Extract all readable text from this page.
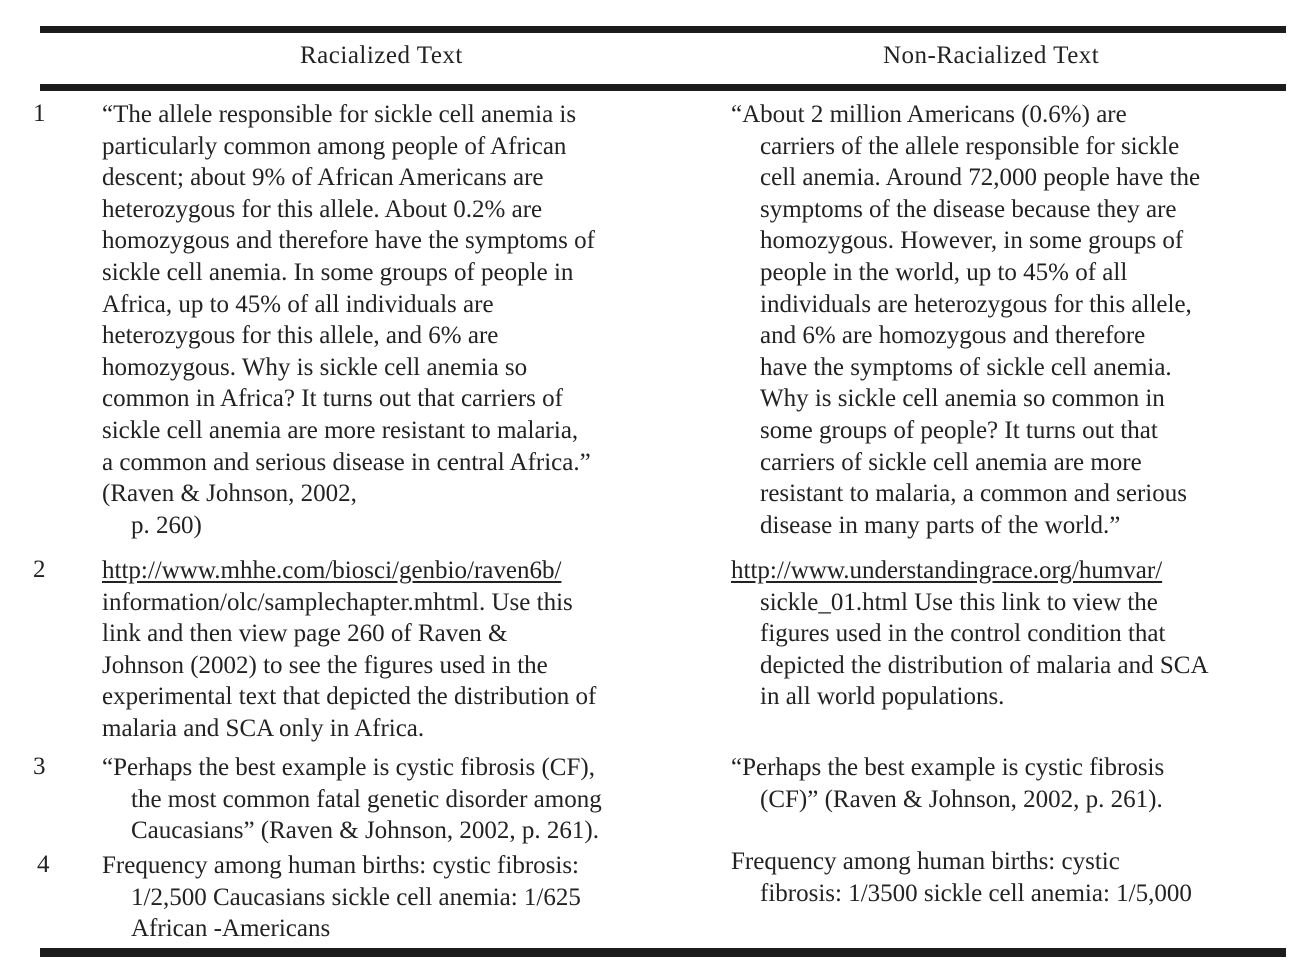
Racialized Text	Non-Racialized Text
1 “The allele responsible for sickle cell anemia is
particularly common among people of African
descent; about 9% of African Americans are
heterozygous for this allele. About 0.2% are
homozygous and therefore have the symptoms of
sickle cell anemia. In some groups of people in
Africa, up to 45% of all individuals are
heterozygous for this allele, and 6% are
homozygous. Why is sickle cell anemia so
common in Africa? It turns out that carriers of
sickle cell anemia are more resistant to malaria,
a common and serious disease in central Africa.”
(Raven & Johnson, 2002,
p. 260)
“About 2 million Americans (0.6%) are
carriers of the allele responsible for sickle
cell anemia. Around 72,000 people have the
symptoms of the disease because they are
homozygous. However, in some groups of
people in the world, up to 45% of all
individuals are heterozygous for this allele,
and 6% are homozygous and therefore
have the symptoms of sickle cell anemia.
Why is sickle cell anemia so common in
some groups of people? It turns out that
carriers of sickle cell anemia are more
resistant to malaria, a common and serious
disease in many parts of the world.”
2 http://www.mhhe.com/biosci/genbio/raven6b/
information/olc/samplechapter.mhtml. Use this
link and then view page 260 of Raven &
Johnson (2002) to see the figures used in the
experimental text that depicted the distribution of
malaria and SCA only in Africa.
http://www.understandingrace.org/humvar/
sickle_01.html Use this link to view the
figures used in the control condition that
depicted the distribution of malaria and SCA
in all world populations.
3 “Perhaps the best example is cystic fibrosis (CF),
the most common fatal genetic disorder among
Caucasians” (Raven & Johnson, 2002, p. 261).
“Perhaps the best example is cystic fibrosis
(CF)” (Raven & Johnson, 2002, p. 261).
4 Frequency among human births: cystic fibrosis:
1/2,500 Caucasians sickle cell anemia: 1/625
African -Americans
Frequency among human births: cystic
fibrosis: 1/3500 sickle cell anemia: 1/5,000
